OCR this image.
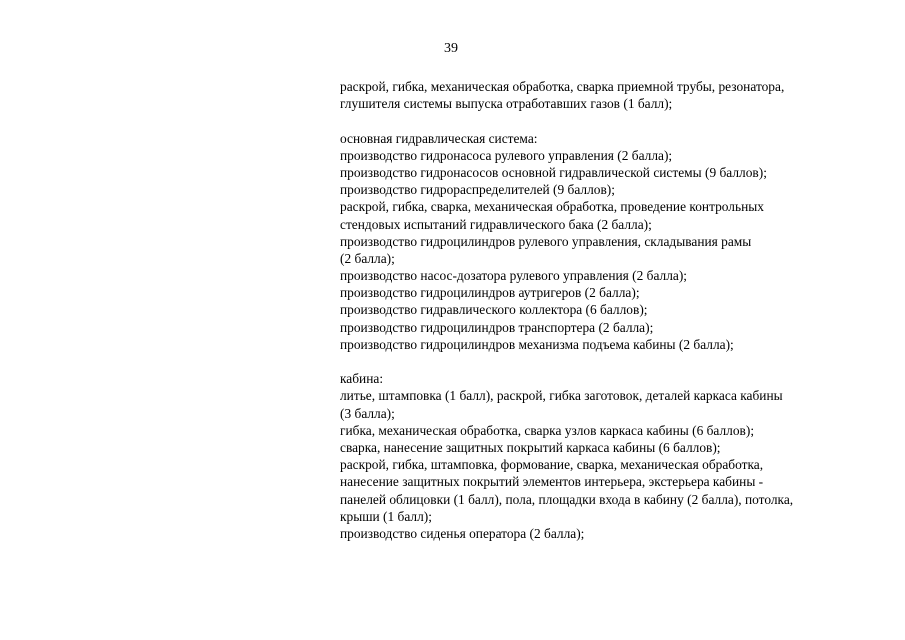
39
раскрой, гибка, механическая обработка, сварка приемной трубы, резонатора,
глушителя системы выпуска отработавших газов (1 балл);
основная гидравлическая система:
производство гидронасоса рулевого управления (2 балла);
производство гидронасосов основной гидравлической системы (9 баллов);
производство гидрораспределителей (9 баллов);
раскрой, гибка, сварка, механическая обработка, проведение контрольных
стендовых испытаний гидравлического бака (2 балла);
производство гидроцилиндров рулевого управления, складывания рамы
(2 балла);
производство насос-дозатора рулевого управления (2 балла);
производство гидроцилиндров аутригеров (2 балла);
производство гидравлического коллектора (6 баллов);
производство гидроцилиндров транспортера (2 балла);
производство гидроцилиндров механизма подъема кабины (2 балла);
кабина:
литье, штамповка (1 балл), раскрой, гибка заготовок, деталей каркаса кабины
(3 балла);
гибка, механическая обработка, сварка узлов каркаса кабины (6 баллов);
сварка, нанесение защитных покрытий каркаса кабины (6 баллов);
раскрой, гибка, штамповка, формование, сварка, механическая обработка,
нанесение защитных покрытий элементов интерьера, экстерьера кабины -
панелей облицовки (1 балл), пола, площадки входа в кабину (2 балла), потолка,
крыши (1 балл);
производство сиденья оператора (2 балла);
